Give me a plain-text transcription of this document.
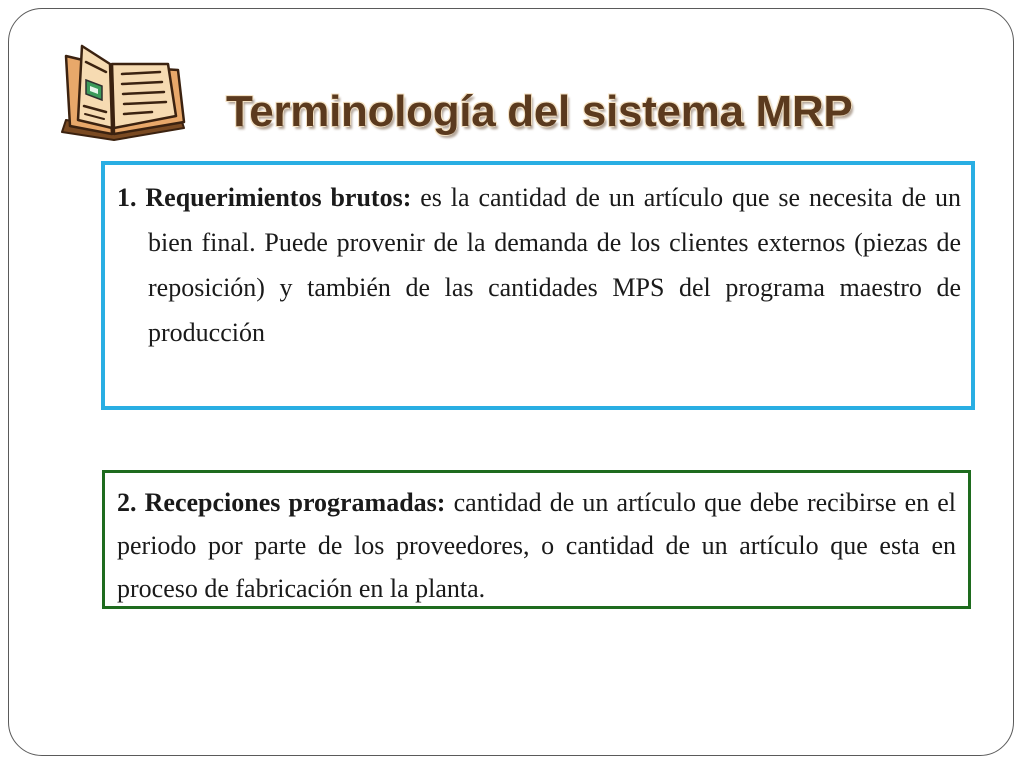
Terminología del sistema MRP

1. Requerimientos brutos: es la cantidad de un artículo que se necesita de un bien final. Puede provenir de la demanda de los clientes externos (piezas de reposición) y también de las cantidades MPS del programa maestro de producción

2. Recepciones programadas: cantidad de un artículo que debe recibirse en el periodo por parte de los proveedores, o cantidad de un artículo que esta en proceso de fabricación en la planta.
